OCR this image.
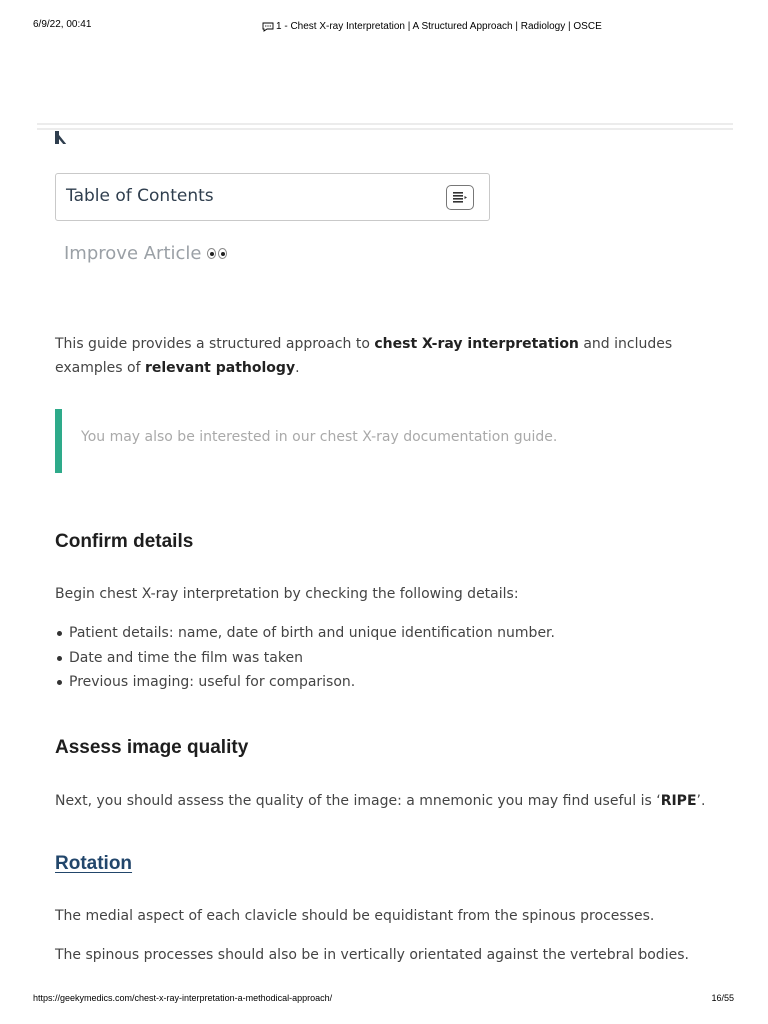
6/9/22, 00:41	1 - Chest X-ray Interpretation | A Structured Approach | Radiology | OSCE
Table of Contents
Improve Article

This guide provides a structured approach to chest X-ray interpretation and includes examples of relevant pathology.

You may also be interested in our chest X-ray documentation guide.
Confirm details

Begin chest X-ray interpretation by checking the following details:

Patient details: name, date of birth and unique identification number.
Date and time the film was taken
Previous imaging: useful for comparison.
Assess image quality

Next, you should assess the quality of the image: a mnemonic you may find useful is ‘RIPE’.

Rotation

The medial aspect of each clavicle should be equidistant from the spinous processes.

The spinous processes should also be in vertically orientated against the vertebral bodies.

https://geekymedics.com/chest-x-ray-interpretation-a-methodical-approach/	16/55
